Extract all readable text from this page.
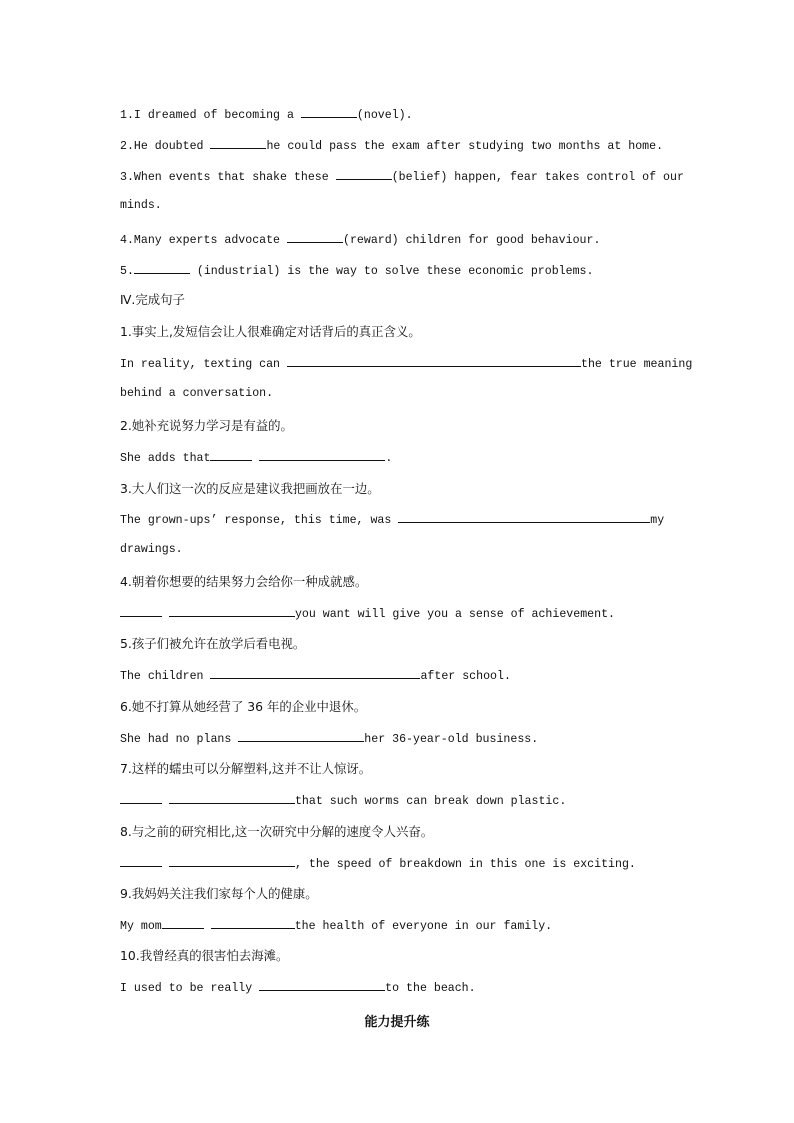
1.I dreamed of becoming a	(novel).
2.He doubted	he could pass the exam after studying two months at home.
3.When events that shake these	(belief) happen, fear takes control of our
minds.
4.Many experts advocate	(reward) children for good behaviour.
5.	(industrial) is the way to solve these economic problems.
Ⅳ.完成句子
1.事实上,发短信会让人很难确定对话背后的真正含义。
In reality, texting can	the true meaning
behind a conversation.
2.她补充说努力学习是有益的。
She adds that	.
3.大人们这一次的反应是建议我把画放在一边。
The grown-ups’ response, this time, was	my
drawings.
4.朝着你想要的结果努力会给你一种成就感。
you want will give you a sense of achievement.
5.孩子们被允许在放学后看电视。
The children	after school.
6.她不打算从她经营了 36 年的企业中退休。
She had no plans	her 36-year-old business.
7.这样的蠕虫可以分解塑料,这并不让人惊讶。
that such worms can break down plastic.
8.与之前的研究相比,这一次研究中分解的速度令人兴奋。
, the speed of breakdown in this one is exciting.
9.我妈妈关注我们家每个人的健康。
My mom	the health of everyone in our family.
10.我曾经真的很害怕去海滩。
I used to be really	to the beach.
能力提升练
